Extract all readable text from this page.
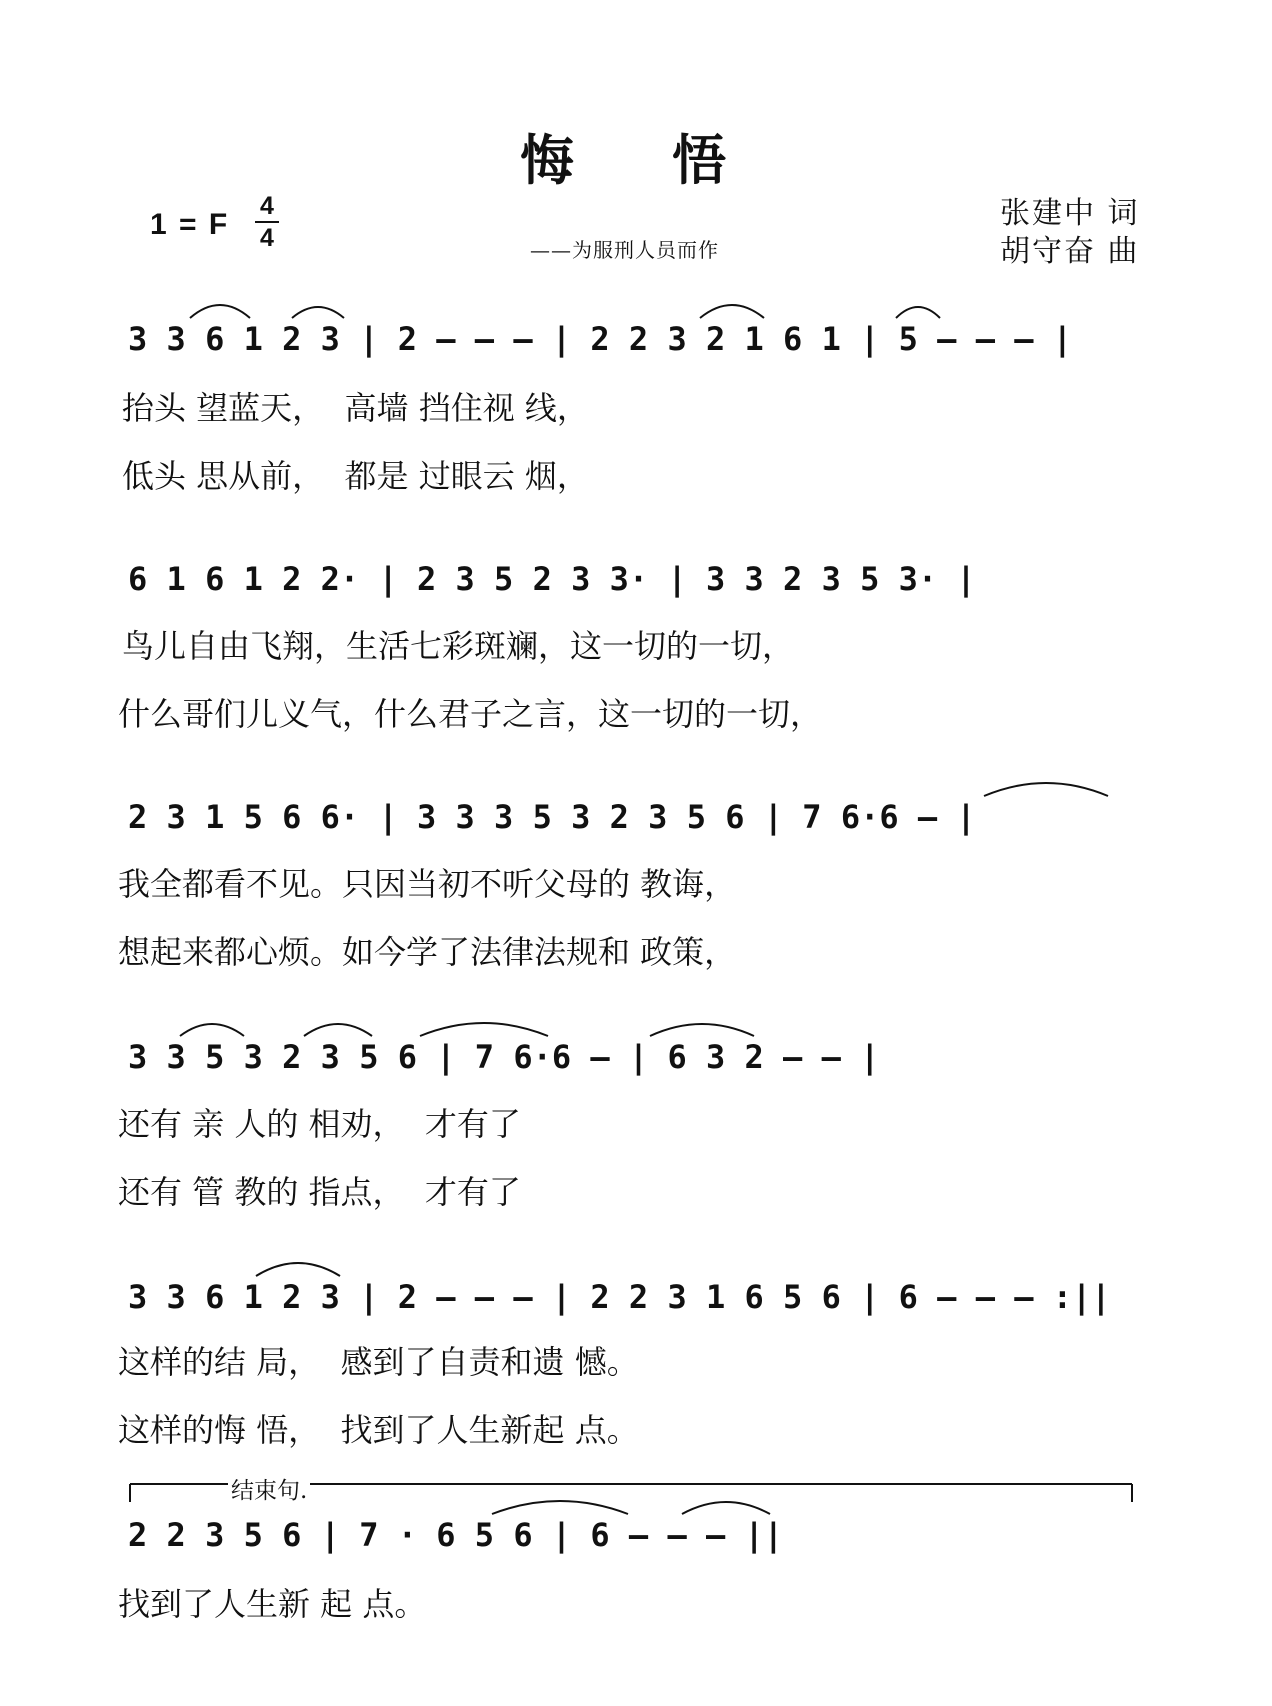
悔 悟
1 = F
4
4	——为服刑人员而作
张建中 词
胡守奋 曲
3 3 6 1 2 3 | 2 — — — | 2 2 3 2 1 6 1 | 5 — — — |
抬头 望蓝天，  高墙 挡住视 线，
低头 思从前，  都是 过眼云 烟，
6 1 6 1 2 2· | 2 3 5 2 3 3· | 3 3 2 3 5 3· |
鸟儿自由飞翔，生活七彩斑斓，这一切的一切，
什么哥们儿义气，什么君子之言，这一切的一切，
2 3 1 5 6 6· | 3 3 3 5 3 2 3 5 6 | 7 6·6 — |
我全都看不见。只因当初不听父母的 教诲，
想起来都心烦。如今学了法律法规和 政策，
3 3 5 3 2 3 5 6 | 7 6·6 — | 6 3 2 — — |
还有 亲 人的 相劝，  才有了
还有 管 教的 指点，  才有了
3 3 6 1 2 3 | 2 — — — | 2 2 3 1 6 5 6 | 6 — — — :||
这样的结 局，  感到了自责和遗 憾。
这样的悔 悟，  找到了人生新起 点。
结束句.
2 2 3 5 6 | 7 · 6 5 6 | 6 — — — ||
找到了人生新 起 点。
